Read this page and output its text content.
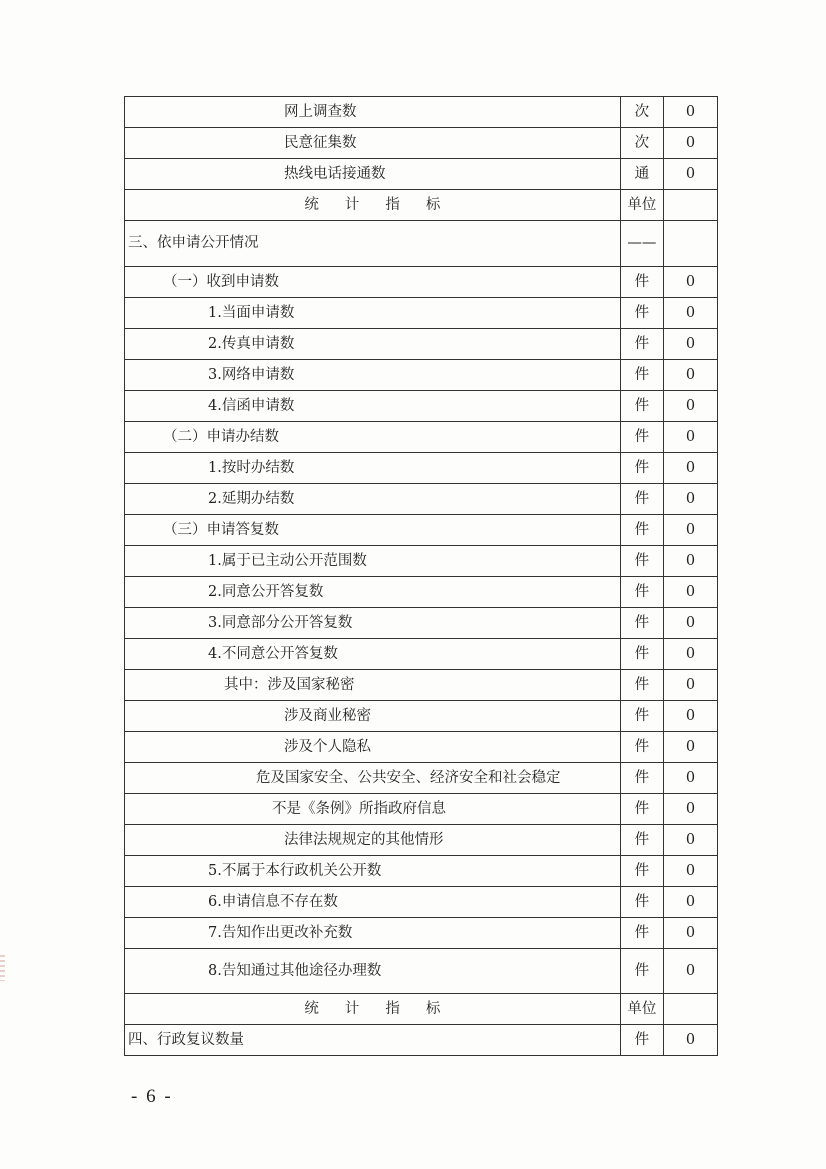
网上调查数	次	0
民意征集数	次	0
热线电话接通数	通	0
统计指标	单位	
三、依申请公开情况	——	
（一）收到申请数	件	0
1.当面申请数	件	0
2.传真申请数	件	0
3.网络申请数	件	0
4.信函申请数	件	0
（二）申请办结数	件	0
1.按时办结数	件	0
2.延期办结数	件	0
（三）申请答复数	件	0
1.属于已主动公开范围数	件	0
2.同意公开答复数	件	0
3.同意部分公开答复数	件	0
4.不同意公开答复数	件	0
其中：涉及国家秘密	件	0
涉及商业秘密	件	0
涉及个人隐私	件	0
危及国家安全、公共安全、经济安全和社会稳定	件	0
不是《条例》所指政府信息	件	0
法律法规规定的其他情形	件	0
5.不属于本行政机关公开数	件	0
6.申请信息不存在数	件	0
7.告知作出更改补充数	件	0
8.告知通过其他途径办理数	件	0
统计指标	单位	
四、行政复议数量	件	0
- 6 -
